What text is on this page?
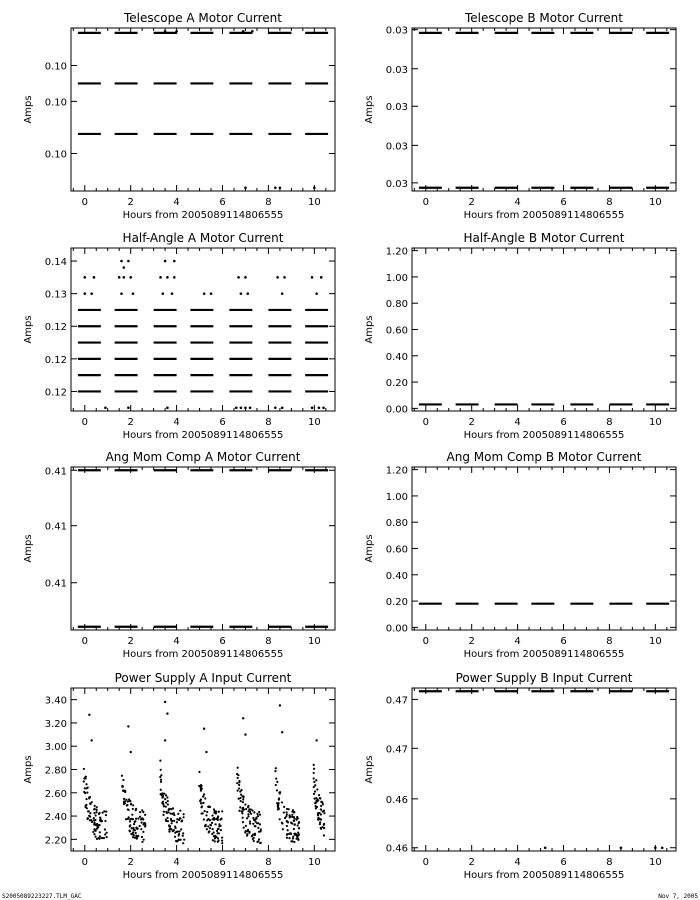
Telescope A Motor Current
0	2	4	6	8	10
0.10
0.10
0.10
Hours from 2005089114806555
Amps
Telescope B Motor Current
0	2	4	6	8	10
0.03
0.03
0.03
0.03
0.03
Hours from 2005089114806555
Amps
Half-Angle A Motor Current
0	2	4	6	8	10
0.12
0.12
0.12
0.13
0.14
Hours from 2005089114806555
Amps
Half-Angle B Motor Current
0	2	4	6	8	10
0.00
0.20
0.40
0.60
0.80
1.00
1.20
Hours from 2005089114806555
Amps
Ang Mom Comp A Motor Current
0	2	4	6	8	10
0.41
0.41
0.41
Hours from 2005089114806555
Amps
Ang Mom Comp B Motor Current
0	2	4	6	8	10
0.00
0.20
0.40
0.60
0.80
1.00
1.20
Hours from 2005089114806555
Amps
Power Supply A Input Current
0	2	4	6	8	10
2.20
2.40
2.60
2.80
3.00
3.20
3.40
Hours from 2005089114806555
Amps
Power Supply B Input Current
0	2	4	6	8	10
0.46
0.46
0.47
0.47
Hours from 2005089114806555
Amps
S2005089223227.TLM_GAC	Nov 7, 2005
